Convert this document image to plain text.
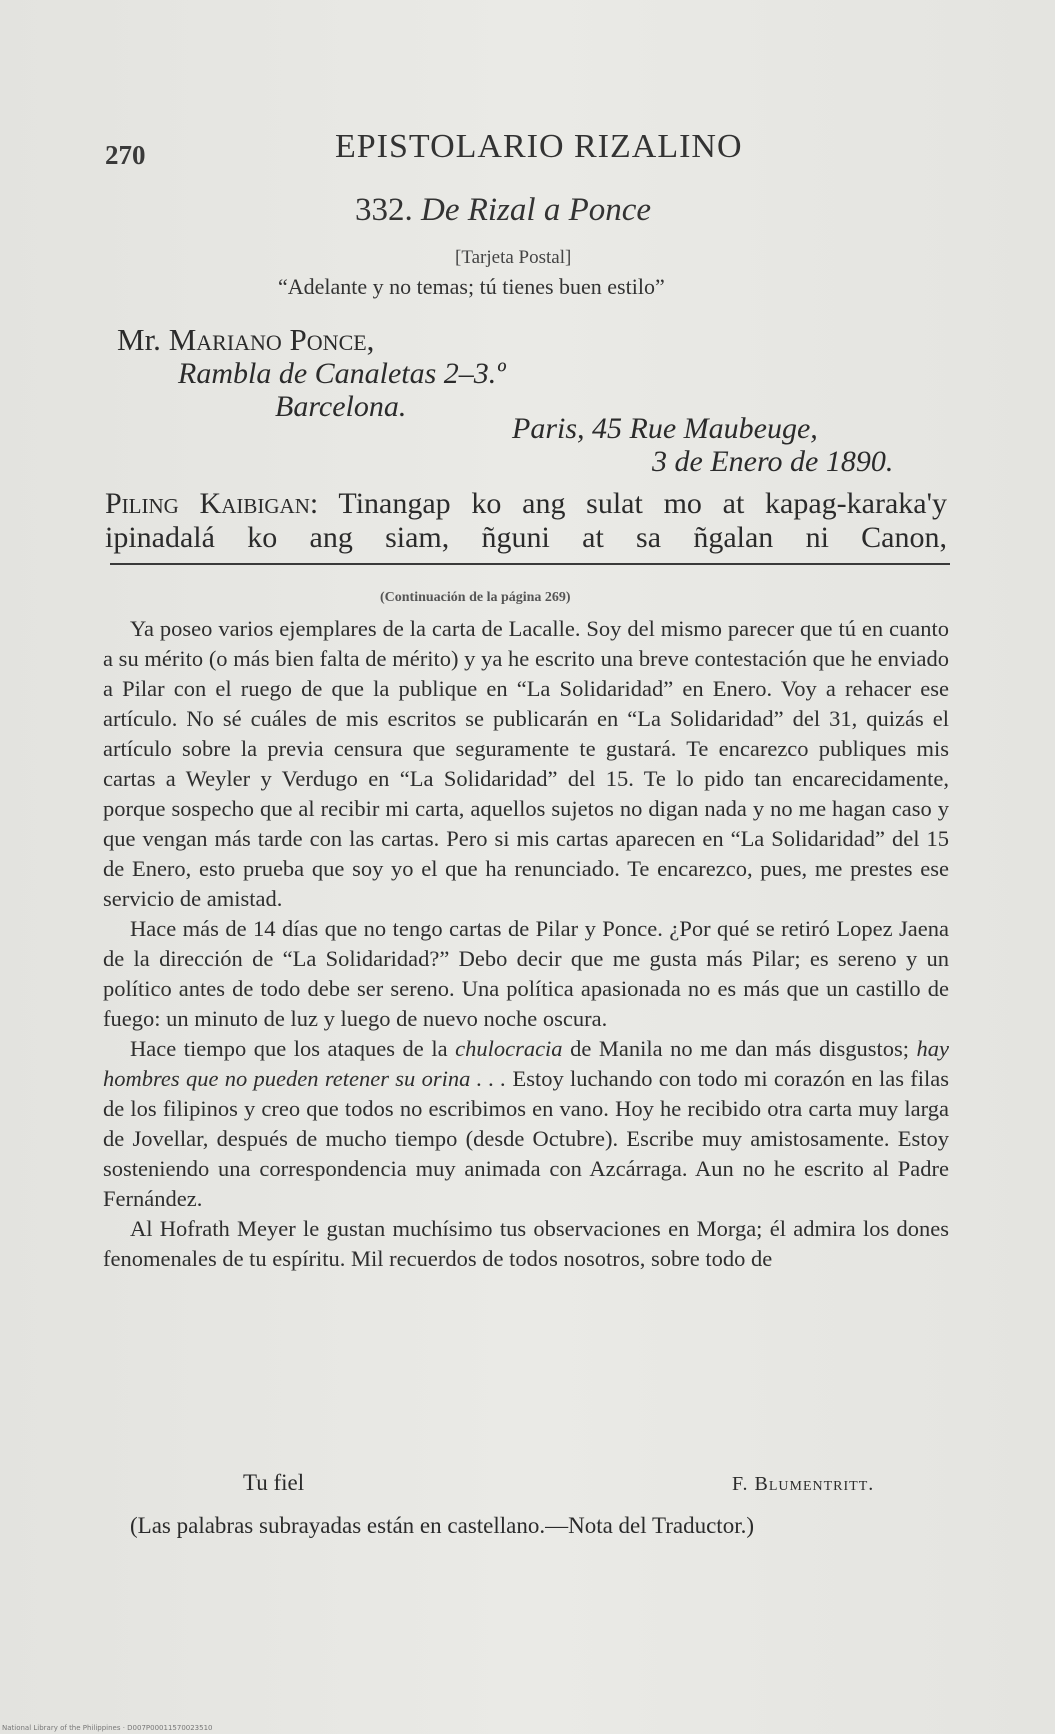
270	EPISTOLARIO RIZALINO
332. De Rizal a Ponce
[Tarjeta Postal]
“Adelante y no temas; tú tienes buen estilo”
Mr. Mariano Ponce,
Rambla de Canaletas 2–3.º
Barcelona.
Paris, 45 Rue Maubeuge,
3 de Enero de 1890.
Piling Kaibigan: Tinangap ko ang sulat mo at kapag-karaka'y ipinadalá ko ang siam, ñguni at sa ñgalan ni Canon,
(Continuación de la página 269)

Ya poseo varios ejemplares de la carta de Lacalle. Soy del mismo parecer que tú en cuanto a su mérito (o más bien falta de mérito) y ya he escrito una breve contestación que he enviado a Pilar con el ruego de que la publique en “La Solidaridad” en Enero. Voy a rehacer ese artículo. No sé cuáles de mis escritos se publicarán en “La Solidaridad” del 31, quizás el artículo sobre la previa censura que seguramente te gustará. Te encarezco publiques mis cartas a Weyler y Verdugo en “La Solidaridad” del 15. Te lo pido tan encarecidamente, porque sospecho que al recibir mi carta, aquellos sujetos no digan nada y no me hagan caso y que vengan más tarde con las cartas. Pero si mis cartas aparecen en “La Solidaridad” del 15 de Enero, esto prueba que soy yo el que ha renunciado. Te encarezco, pues, me prestes ese servicio de amistad.

Hace más de 14 días que no tengo cartas de Pilar y Ponce. ¿Por qué se retiró Lopez Jaena de la dirección de “La Solidaridad?” Debo decir que me gusta más Pilar; es sereno y un político antes de todo debe ser sereno. Una política apasionada no es más que un castillo de fuego: un minuto de luz y luego de nuevo noche oscura.

Hace tiempo que los ataques de la chulocracia de Manila no me dan más disgustos; hay hombres que no pueden retener su orina . . . Estoy luchando con todo mi corazón en las filas de los filipinos y creo que todos no escribimos en vano. Hoy he recibido otra carta muy larga de Jovellar, después de mucho tiempo (desde Octubre). Escribe muy amistosamente. Estoy sosteniendo una correspondencia muy animada con Azcárraga. Aun no he escrito al Padre Fernández.

Al Hofrath Meyer le gustan muchísimo tus observaciones en Morga; él admira los dones fenomenales de tu espíritu. Mil recuerdos de todos nosotros, sobre todo de

Tu fiel	F. Blumentritt.
(Las palabras subrayadas están en castellano.—Nota del Traductor.)
National Library of the Philippines · D007P00011570023510
